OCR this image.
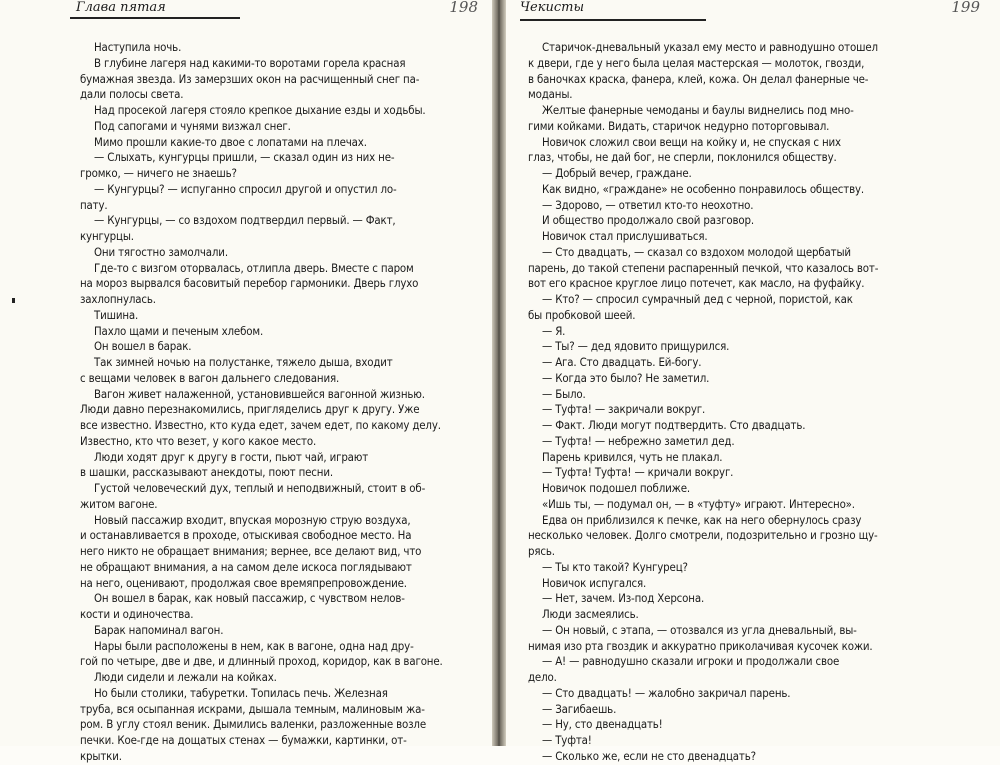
Глава пятая	198
Наступила ночь.
В глубине лагеря над какими-то воротами горела красная
бумажная звезда. Из замерзших окон на расчищенный снег па-
дали полосы света.
Над просекой лагеря стояло крепкое дыхание езды и ходьбы.
Под сапогами и чунями визжал снег.
Мимо прошли какие-то двое с лопатами на плечах.
— Слыхать, кунгурцы пришли, — сказал один из них не-
громко, — ничего не знаешь?
— Кунгурцы? — испуганно спросил другой и опустил ло-
пату.
— Кунгурцы, — со вздохом подтвердил первый. — Факт,
кунгурцы.
Они тягостно замолчали.
Где-то с визгом оторвалась, отлипла дверь. Вместе с паром
на мороз вырвался басовитый перебор гармоники. Дверь глухо
захлопнулась.
Тишина.
Пахло щами и печеным хлебом.
Он вошел в барак.
Так зимней ночью на полустанке, тяжело дыша, входит
с вещами человек в вагон дальнего следования.
Вагон живет налаженной, установившейся вагонной жизнью.
Люди давно перезнакомились, пригляделись друг к другу. Уже
все известно. Известно, кто куда едет, зачем едет, по какому делу.
Известно, кто что везет, у кого какое место.
Люди ходят друг к другу в гости, пьют чай, играют
в шашки, рассказывают анекдоты, поют песни.
Густой человеческий дух, теплый и неподвижный, стоит в об-
житом вагоне.
Новый пассажир входит, впуская морозную струю воздуха,
и останавливается в проходе, отыскивая свободное место. На
него никто не обращает внимания; вернее, все делают вид, что
не обращают внимания, а на самом деле искоса поглядывают
на него, оценивают, продолжая свое времяпрепровождение.
Он вошел в барак, как новый пассажир, с чувством нелов-
кости и одиночества.
Барак напоминал вагон.
Нары были расположены в нем, как в вагоне, одна над дру-
гой по четыре, две и две, и длинный проход, коридор, как в вагоне.
Люди сидели и лежали на койках.
Но были столики, табуретки. Топилась печь. Железная
труба, вся осыпанная искрами, дышала темным, малиновым жа-
ром. В углу стоял веник. Дымились валенки, разложенные возле
печки. Кое-где на дощатых стенах — бумажки, картинки, от-
крытки.
Чекисты	199
Старичок-дневальный указал ему место и равнодушно отошел
к двери, где у него была целая мастерская — молоток, гвозди,
в баночках краска, фанера, клей, кожа. Он делал фанерные че-
моданы.
Желтые фанерные чемоданы и баулы виднелись под мно-
гими койками. Видать, старичок недурно поторговывал.
Новичок сложил свои вещи на койку и, не спуская с них
глаз, чтобы, не дай бог, не сперли, поклонился обществу.
— Добрый вечер, граждане.
Как видно, «граждане» не особенно понравилось обществу.
— Здорово, — ответил кто-то неохотно.
И общество продолжало свой разговор.
Новичок стал прислушиваться.
— Сто двадцать, — сказал со вздохом молодой щербатый
парень, до такой степени распаренный печкой, что казалось вот-
вот его красное круглое лицо потечет, как масло, на фуфайку.
— Кто? — спросил сумрачный дед с черной, пористой, как
бы пробковой шеей.
— Я.
— Ты? — дед ядовито прищурился.
— Ага. Сто двадцать. Ей-богу.
— Когда это было? Не заметил.
— Было.
— Туфта! — закричали вокруг.
— Факт. Люди могут подтвердить. Сто двадцать.
— Туфта! — небрежно заметил дед.
Парень кривился, чуть не плакал.
— Туфта! Туфта! — кричали вокруг.
Новичок подошел поближе.
«Ишь ты, — подумал он, — в «туфту» играют. Интересно».
Едва он приблизился к печке, как на него обернулось сразу
несколько человек. Долго смотрели, подозрительно и грозно щу-
рясь.
— Ты кто такой? Кунгурец?
Новичок испугался.
— Нет, зачем. Из-под Херсона.
Люди засмеялись.
— Он новый, с этапа, — отозвался из угла дневальный, вы-
нимая изо рта гвоздик и аккуратно приколачивая кусочек кожи.
— А! — равнодушно сказали игроки и продолжали свое
дело.
— Сто двадцать! — жалобно закричал парень.
— Загибаешь.
— Ну, сто двенадцать!
— Туфта!
— Сколько же, если не сто двенадцать?
